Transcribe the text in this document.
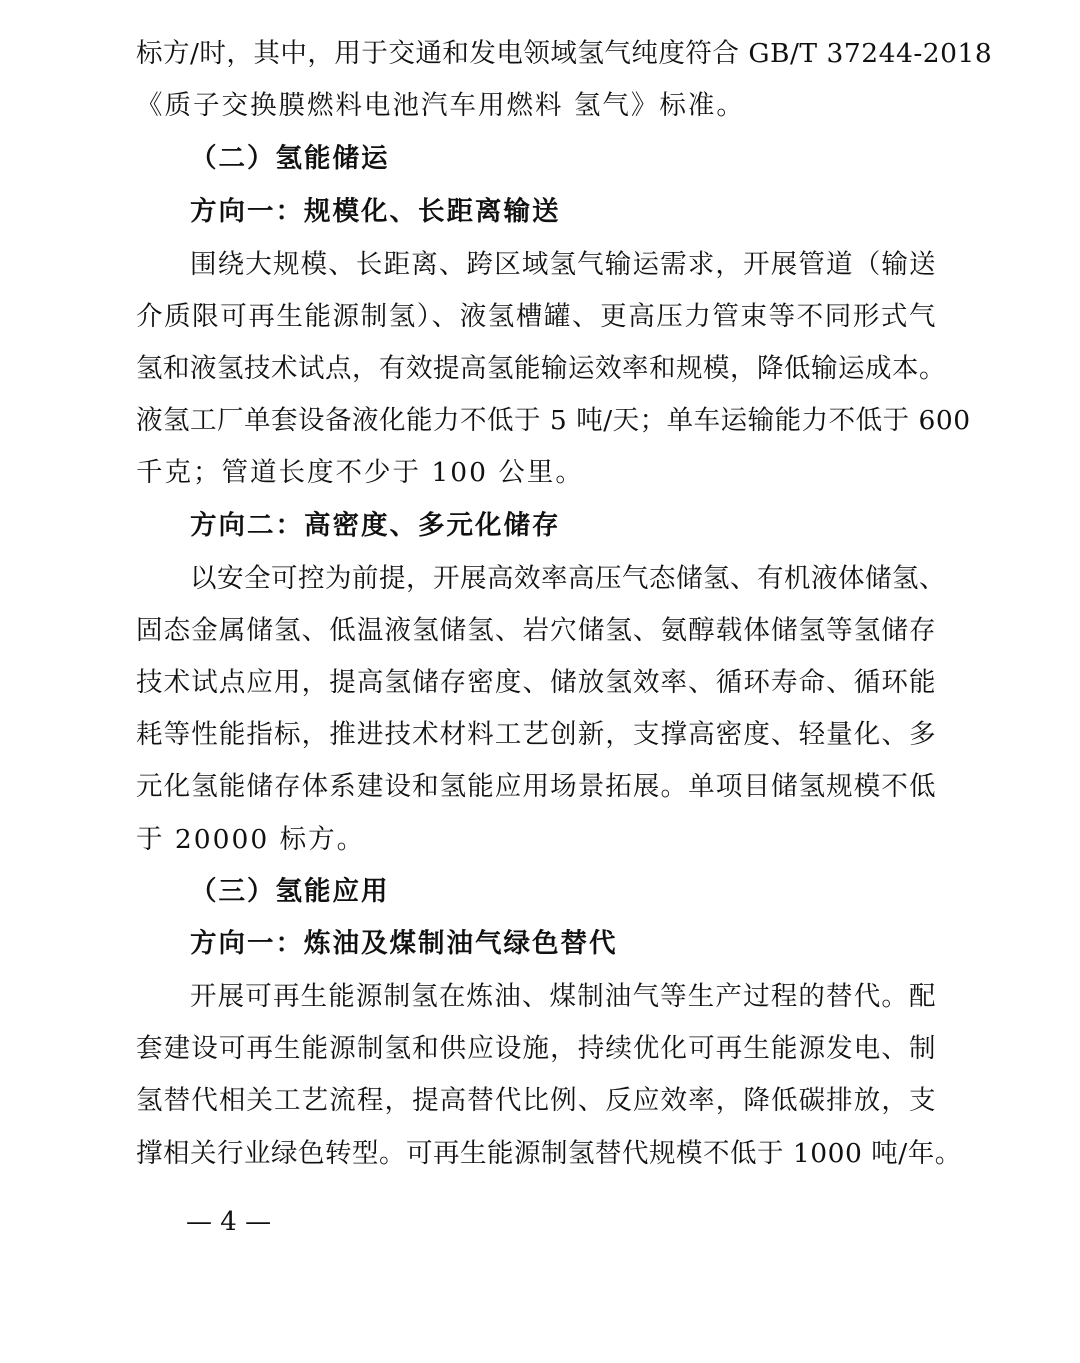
标方/时，其中，用于交通和发电领域氢气纯度符合 GB/T 37244-2018
《质子交换膜燃料电池汽车用燃料 氢气》标准。
（二）氢能储运
方向一：规模化、长距离输送
围绕大规模、长距离、跨区域氢气输运需求，开展管道（输送
介质限可再生能源制氢）、液氢槽罐、更高压力管束等不同形式气
氢和液氢技术试点，有效提高氢能输运效率和规模，降低输运成本。
液氢工厂单套设备液化能力不低于 5 吨/天；单车运输能力不低于 600
千克；管道长度不少于 100 公里。
方向二：高密度、多元化储存
以安全可控为前提，开展高效率高压气态储氢、有机液体储氢、
固态金属储氢、低温液氢储氢、岩穴储氢、氨醇载体储氢等氢储存
技术试点应用，提高氢储存密度、储放氢效率、循环寿命、循环能
耗等性能指标，推进技术材料工艺创新，支撑高密度、轻量化、多
元化氢能储存体系建设和氢能应用场景拓展。单项目储氢规模不低
于 20000 标方。
（三）氢能应用
方向一：炼油及煤制油气绿色替代
开展可再生能源制氢在炼油、煤制油气等生产过程的替代。配
套建设可再生能源制氢和供应设施，持续优化可再生能源发电、制
氢替代相关工艺流程，提高替代比例、反应效率，降低碳排放，支
撑相关行业绿色转型。可再生能源制氢替代规模不低于 1000 吨/年。
— 4 —
